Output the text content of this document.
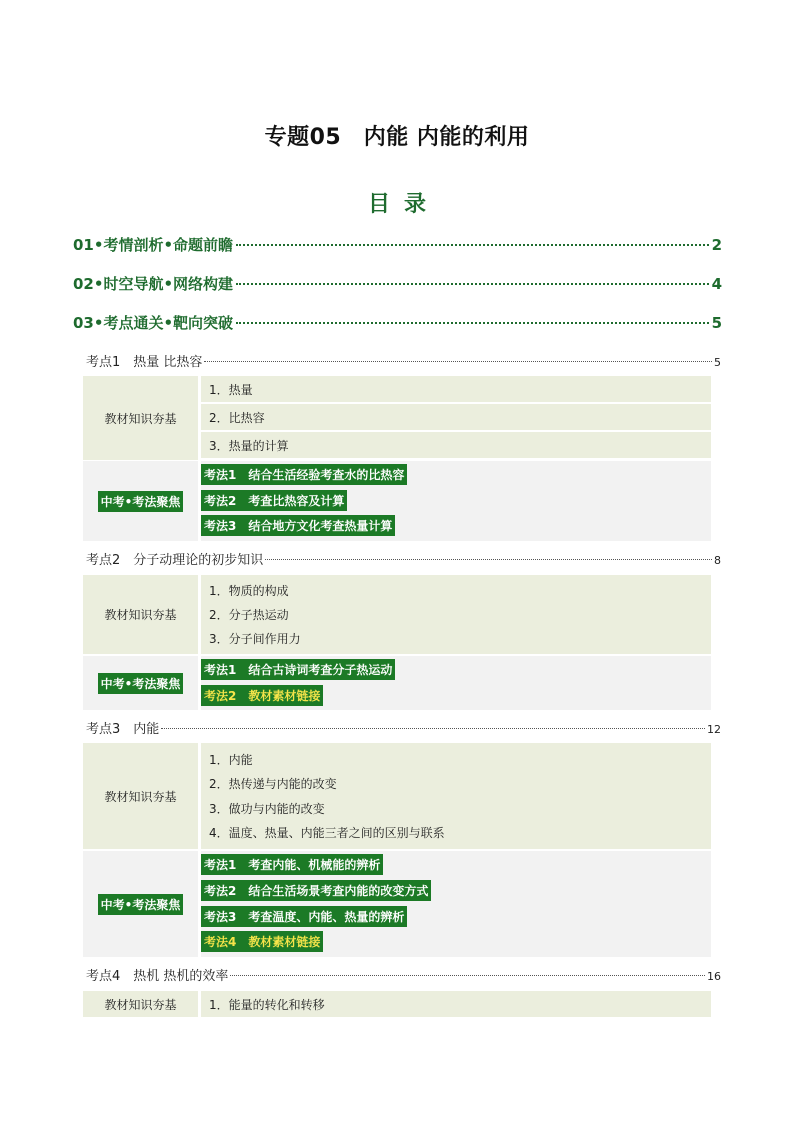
专题05　内能 内能的利用
目录
01•考情剖析•命题前瞻	2
02•时空导航•网络构建	4
03•考点通关•靶向突破	5
考点1　热量 比热容	5
教材知识夯基
1．热量
2．比热容
3．热量的计算
中考•考法聚焦
考法1　结合生活经验考查水的比热容
考法2　考查比热容及计算
考法3　结合地方文化考查热量计算
考点2　分子动理论的初步知识	8
教材知识夯基
1．物质的构成
2．分子热运动
3．分子间作用力
中考•考法聚焦
考法1　结合古诗词考查分子热运动
考法2　教材素材链接
考点3　内能	12
教材知识夯基
1．内能
2．热传递与内能的改变
3．做功与内能的改变
4．温度、热量、内能三者之间的区别与联系
中考•考法聚焦
考法1　考查内能、机械能的辨析
考法2　结合生活场景考查内能的改变方式
考法3　考查温度、内能、热量的辨析
考法4　教材素材链接
考点4　热机 热机的效率	16
教材知识夯基	1．能量的转化和转移
